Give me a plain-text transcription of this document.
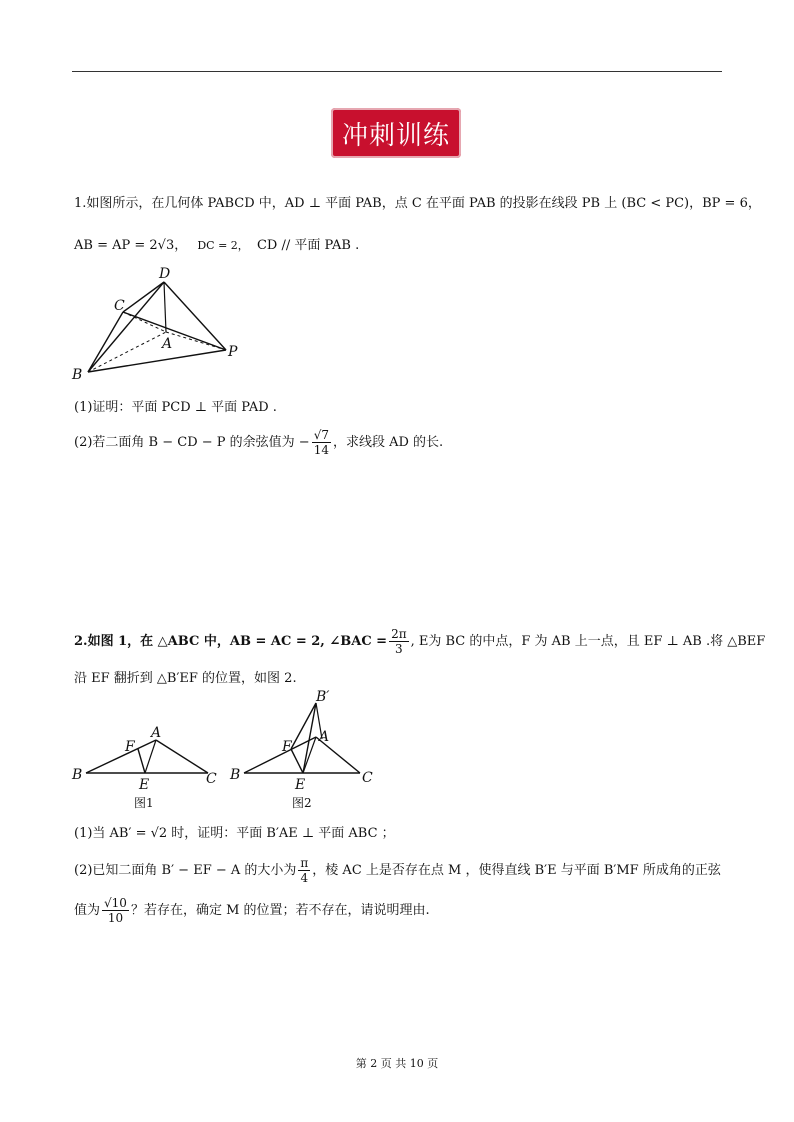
冲刺训练
1.如图所示，在几何体 PABCD 中，AD ⊥ 平面 PAB，点 C 在平面 PAB 的投影在线段 PB 上 (BC < PC)，BP = 6，
AB = AP = 2√3， DC = 2， CD // 平面 PAB .
D
C
A	P
B
(1)证明：平面 PCD ⊥ 平面 PAD .
(2)若二面角 B − CD − P 的余弦值为 − $\frac{√7}{14}$ ，求线段 AD 的长.
2.如图 1，在 △ABC 中，AB = AC = 2, ∠BAC = $\frac{2\pi}{3}$ , E为 BC 的中点，F 为 AB 上一点，且 EF ⊥ AB .将 △BEF
沿 EF 翻折到 △B′EF 的位置，如图 2.
A
F
B	C
E
图1
B′
A
F
B	C
E
图2
(1)当 AB′ = √2 时，证明：平面 B′AE ⊥ 平面 ABC ；
(2)已知二面角 B′ − EF − A 的大小为 $\frac{\pi}{4}$ ，棱 AC 上是否存在点 M ，使得直线 B′E 与平面 B′MF 所成角的正弦
值为 $\frac{√10}{10}$ ？若存在，确定 M 的位置；若不存在，请说明理由.
第 2 页 共 10 页
